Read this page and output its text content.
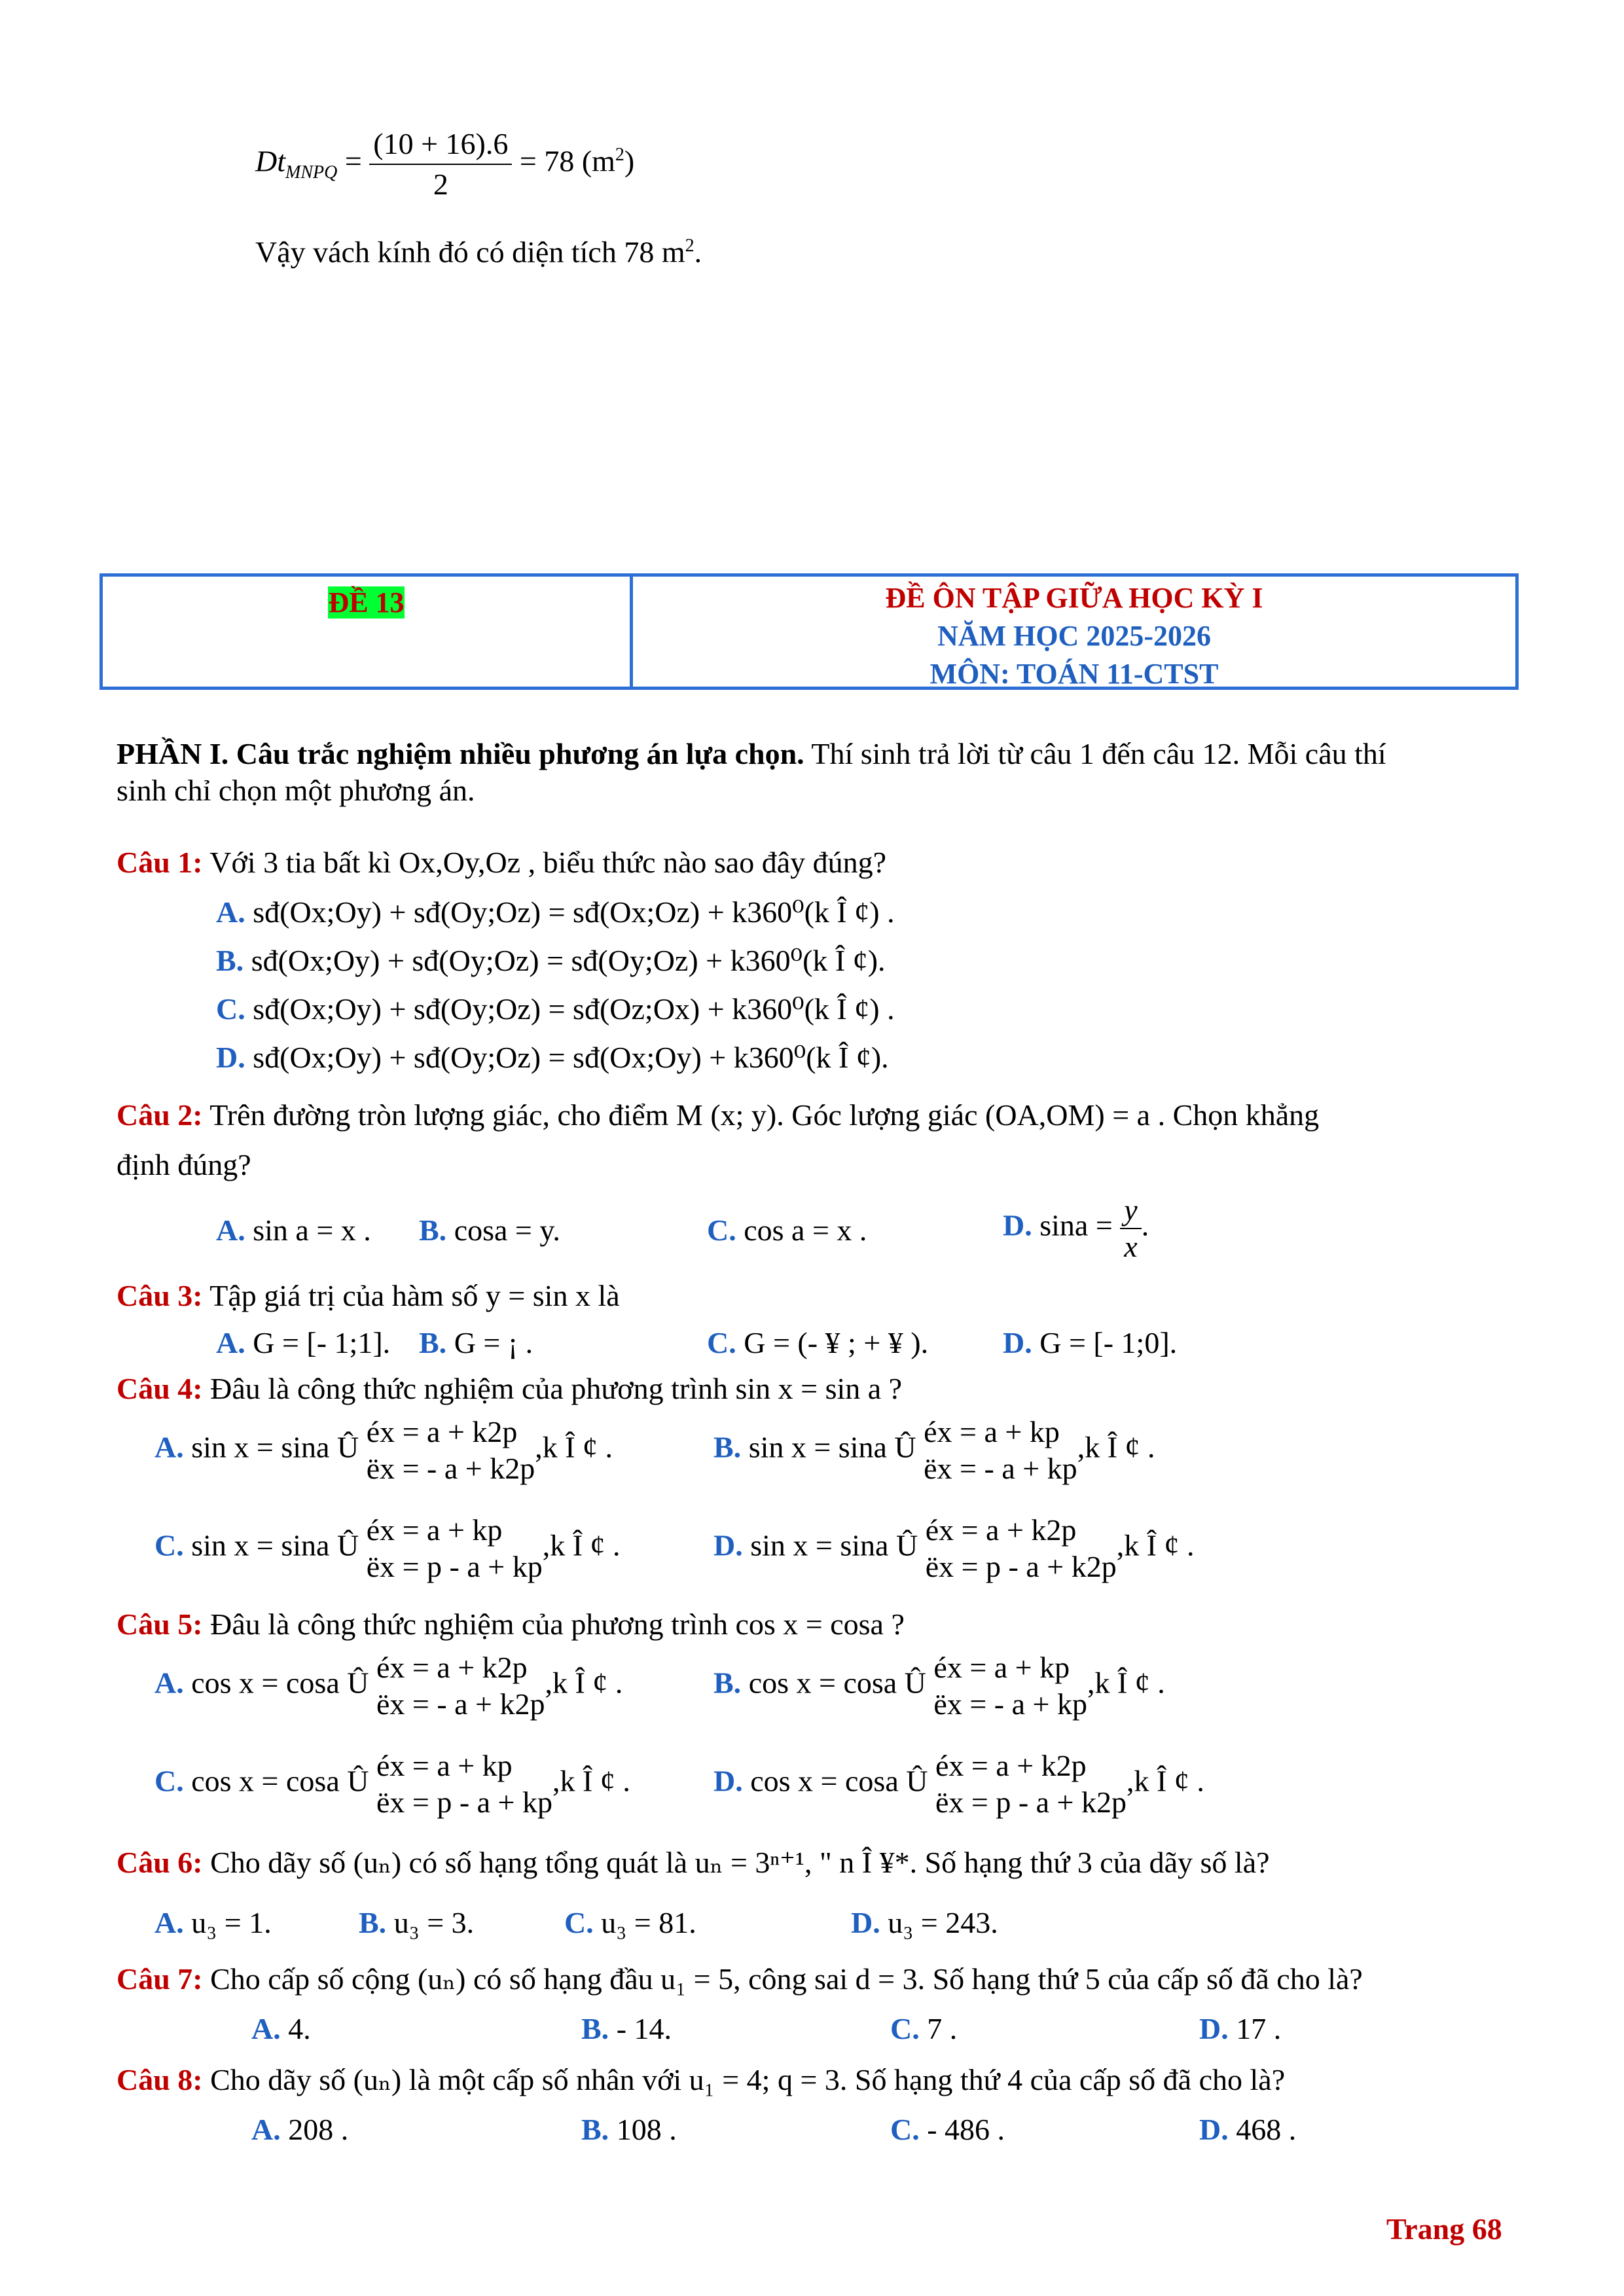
$Dt_{MNPQ} = \frac{(10 + 16).6}{2} = 78$ $(m^2)$
Vậy vách kính đó có diện tích 78 $m^2$.
ĐỀ 13	ĐỀ ÔN TẬP GIỮA HỌC KỲ I
NĂM HỌC 2025-2026
MÔN: TOÁN 11-CTST
PHẦN I. Câu trắc nghiệm nhiều phương án lựa chọn. Thí sinh trả lời từ câu 1 đến câu 12. Mỗi câu thí
sinh chỉ chọn một phương án.
Câu 1: Với 3 tia bất kì Ox,Oy,Oz , biểu thức nào sao đây đúng?
A. sđ(Ox;Oy) + sđ(Oy;Oz) = sđ(Ox;Oz) + k360⁰(k Î ¢) .
B. sđ(Ox;Oy) + sđ(Oy;Oz) = sđ(Oy;Oz) + k360⁰(k Î ¢).
C. sđ(Ox;Oy) + sđ(Oy;Oz) = sđ(Oz;Ox) + k360⁰(k Î ¢) .
D. sđ(Ox;Oy) + sđ(Oy;Oz) = sđ(Ox;Oy) + k360⁰(k Î ¢).
Câu 2: Trên đường tròn lượng giác, cho điểm M (x; y). Góc lượng giác (OA,OM) = a . Chọn khẳng
định đúng?
A. sin a = x . B. cosa = y.	C. cos a = x .	D. $\sin a = \frac{y}{x}$ .
Câu 3: Tập giá trị của hàm số y = sin x là
A. G = [- 1;1]. B. G = ¡ .	C. G = (- ¥ ; + ¥ ). D. G = [- 1;0].
Câu 4: Đâu là công thức nghiệm của phương trình sin x = sin a ?
A. sin x = sina Û éx = a + k2p
ëx = - a + k2p
,k Î ¢ .	B. sin x = sina Û éx = a + kp
ëx = - a + kp
,k Î ¢ .
C. sin x = sina Û éx = a + kp
ëx = p - a + kp
,k Î ¢ .	D. sin x = sina Û éx = a + k2p
ëx = p - a + k2p
,k Î ¢ .
Câu 5: Đâu là công thức nghiệm của phương trình cos x = cosa ?
A. cos x = cosa Û éx = a + k2p
ëx = - a + k2p
,k Î ¢ .	B. cos x = cosa Û éx = a + kp
ëx = - a + kp
,k Î ¢ .
C. cos x = cosa Û éx = a + kp
ëx = p - a + kp
,k Î ¢ .	D. cos x = cosa Û éx = a + k2p
ëx = p - a + k2p
,k Î ¢ .
Câu 6: Cho dãy số (uₙ) có số hạng tổng quát là uₙ = 3ⁿ⁺¹, " n Î ¥*. Số hạng thứ 3 của dãy số là?
A. u₃ = 1.	B. u₃ = 3.	C. u₃ = 81.	D. u₃ = 243.
Câu 7: Cho cấp số cộng (uₙ) có số hạng đầu u₁ = 5, công sai d = 3. Số hạng thứ 5 của cấp số đã cho là?
A. 4.	B. - 14.	C. 7 .	D. 17 .
Câu 8: Cho dãy số (uₙ) là một cấp số nhân với u₁ = 4; q = 3. Số hạng thứ 4 của cấp số đã cho là?
A. 208 .	B. 108 .	C. - 486 .	D. 468 .
Trang 68
